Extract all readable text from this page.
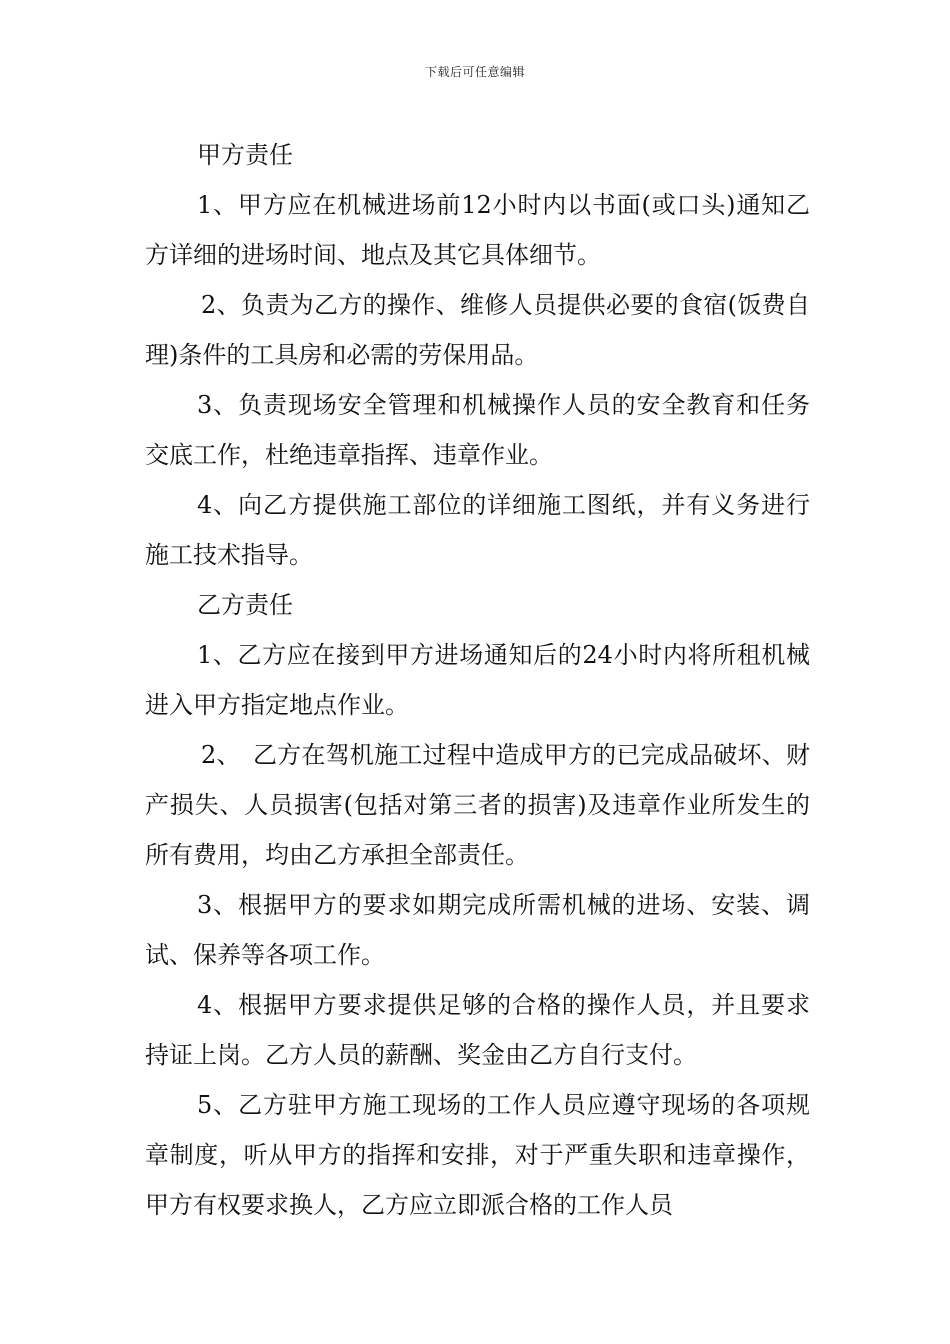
下载后可任意编辑

甲方责任

1、甲方应在机械进场前12小时内以书面(或口头)通知乙方详细的进场时间、地点及其它具体细节。

2、负责为乙方的操作、维修人员提供必要的食宿(饭费自理)条件的工具房和必需的劳保用品。

3、负责现场安全管理和机械操作人员的安全教育和任务交底工作，杜绝违章指挥、违章作业。

4、向乙方提供施工部位的详细施工图纸，并有义务进行施工技术指导。

乙方责任

1、乙方应在接到甲方进场通知后的24小时内将所租机械进入甲方指定地点作业。

2、　乙方在驾机施工过程中造成甲方的已完成品破坏、财产损失、人员损害(包括对第三者的损害)及违章作业所发生的所有费用，均由乙方承担全部责任。

3、根据甲方的要求如期完成所需机械的进场、安装、调试、保养等各项工作。

4、根据甲方要求提供足够的合格的操作人员，并且要求持证上岗。乙方人员的薪酬、奖金由乙方自行支付。

5、乙方驻甲方施工现场的工作人员应遵守现场的各项规章制度，听从甲方的指挥和安排，对于严重失职和违章操作，甲方有权要求换人，乙方应立即派合格的工作人员
